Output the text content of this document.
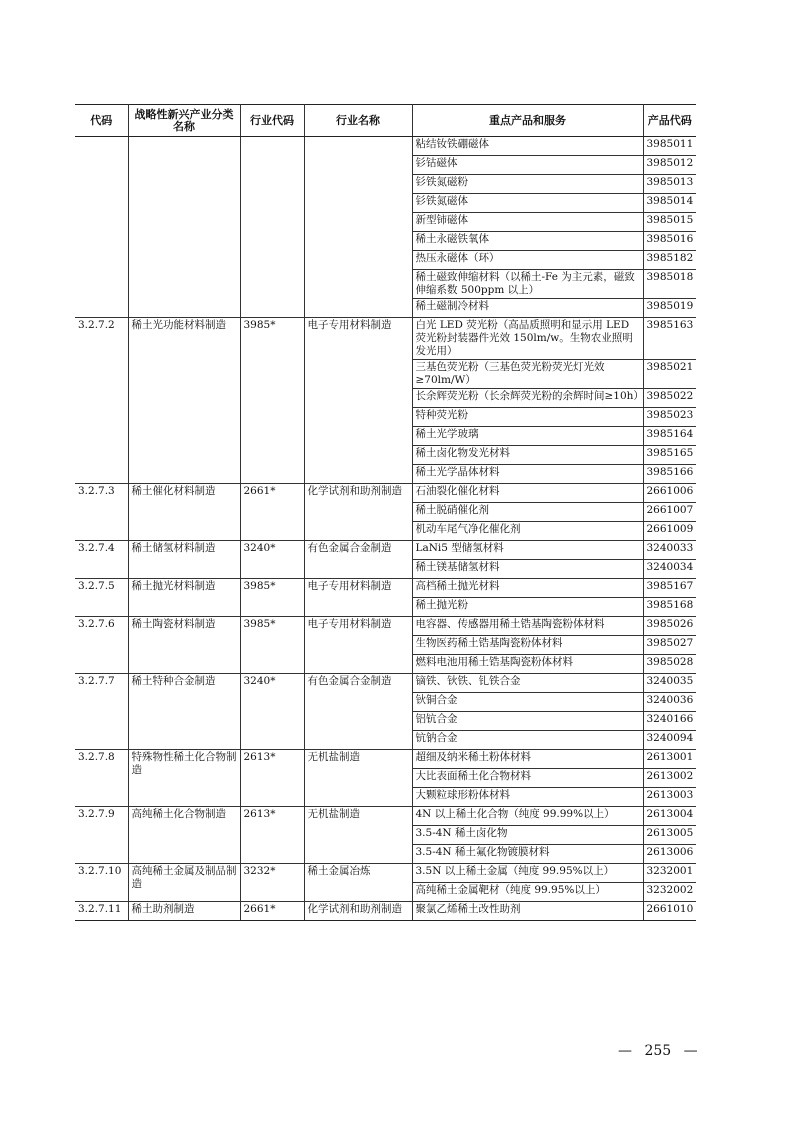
代码	战略性新兴产业分类名称	行业代码	行业名称	重点产品和服务	产品代码
				粘结钕铁硼磁体	3985011
				钐钴磁体	3985012
				钐铁氮磁粉	3985013
				钐铁氮磁体	3985014
				新型铈磁体	3985015
				稀土永磁铁氧体	3985016
				热压永磁体（环）	3985182
				稀土磁致伸缩材料（以稀土-Fe 为主元素，磁致伸缩系数 500ppm 以上）	3985018
				稀土磁制冷材料	3985019
3.2.7.2	稀土光功能材料制造	3985*	电子专用材料制造	白光 LED 荧光粉（高品质照明和显示用 LED 荧光粉封装器件光效 150lm/w。生物农业照明发光用）	3985163
				三基色荧光粉（三基色荧光粉荧光灯光效≥70lm/W）	3985021
				长余辉荧光粉（长余辉荧光粉的余辉时间≥10h）	3985022
				特种荧光粉	3985023
				稀土光学玻璃	3985164
				稀土卤化物发光材料	3985165
				稀土光学晶体材料	3985166
3.2.7.3	稀土催化材料制造	2661*	化学试剂和助剂制造	石油裂化催化材料	2661006
				稀土脱硝催化剂	2661007
				机动车尾气净化催化剂	2661009
3.2.7.4	稀土储氢材料制造	3240*	有色金属合金制造	LaNi5 型储氢材料	3240033
				稀土镁基储氢材料	3240034
3.2.7.5	稀土抛光材料制造	3985*	电子专用材料制造	高档稀土抛光材料	3985167
				稀土抛光粉	3985168
3.2.7.6	稀土陶瓷材料制造	3985*	电子专用材料制造	电容器、传感器用稀土锆基陶瓷粉体材料	3985026
				生物医药稀土锆基陶瓷粉体材料	3985027
				燃料电池用稀土锆基陶瓷粉体材料	3985028
3.2.7.7	稀土特种合金制造	3240*	有色金属合金制造	镝铁、钬铁、钆铁合金	3240035
				钬铜合金	3240036
				铝钪合金	3240166
				钪钠合金	3240094
3.2.7.8	特殊物性稀土化合物制造	2613*	无机盐制造	超细及纳米稀土粉体材料	2613001
				大比表面稀土化合物材料	2613002
				大颗粒球形粉体材料	2613003
3.2.7.9	高纯稀土化合物制造	2613*	无机盐制造	4N 以上稀土化合物（纯度 99.99%以上）	2613004
				3.5-4N 稀土卤化物	2613005
				3.5-4N 稀土氟化物镀膜材料	2613006
3.2.7.10	高纯稀土金属及制品制造	3232*	稀土金属冶炼	3.5N 以上稀土金属（纯度 99.95%以上）	3232001
				高纯稀土金属靶材（纯度 99.95%以上）	3232002
3.2.7.11	稀土助剂制造	2661*	化学试剂和助剂制造	聚氯乙烯稀土改性助剂	2661010
— 255 —
